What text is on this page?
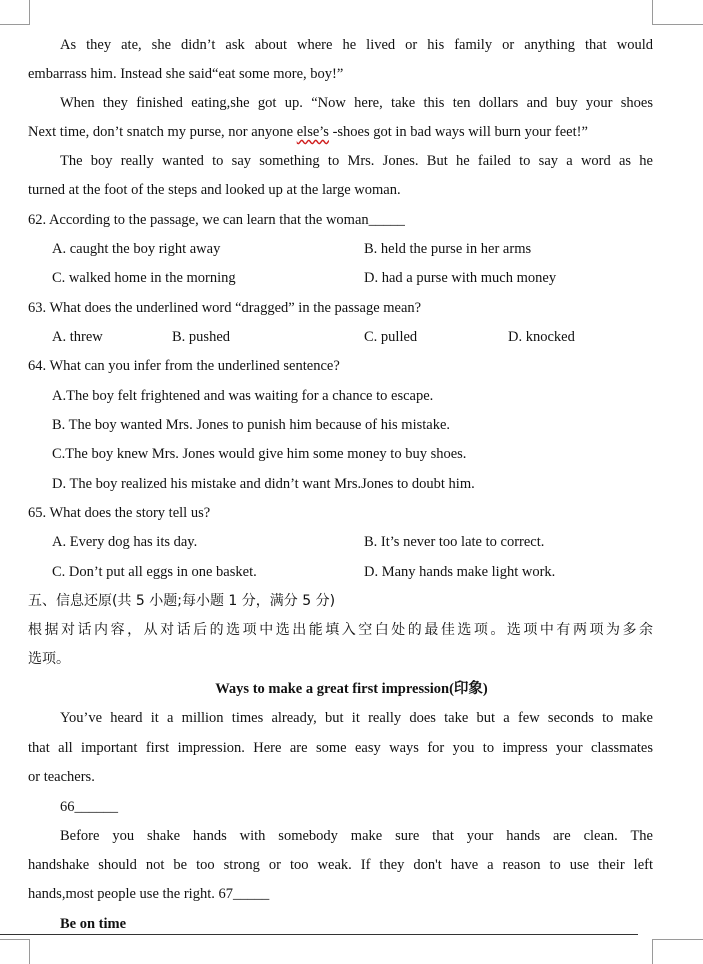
As they ate, she didn’t ask about where he lived or his family or anything that would
embarrass him. Instead she said“eat some more, boy!”
When they finished eating,she got up. “Now here, take this ten dollars and buy your shoes
Next time, don’t snatch my purse, nor anyone else’s -shoes got in bad ways will burn your feet!”
The boy really wanted to say something to Mrs. Jones. But he failed to say a word as he
turned at the foot of the steps and looked up at the large woman.
62. According to the passage, we can learn that the woman_____
A. caught the boy right away	B. held the purse in her arms
C. walked home in the morning	D. had a purse with much money
63. What does the underlined word “dragged” in the passage mean?
A. threw	B. pushed	C. pulled	D. knocked
64. What can you infer from the underlined sentence?
A.The boy felt frightened and was waiting for a chance to escape.
B. The boy wanted Mrs. Jones to punish him because of his mistake.
C.The boy knew Mrs. Jones would give him some money to buy shoes.
D. The boy realized his mistake and didn’t want Mrs.Jones to doubt him.
65. What does the story tell us?
A. Every dog has its day.	B. It’s never too late to correct.
C. Don’t put all eggs in one basket.	D. Many hands make light work.
五、信息还原(共 5 小题;每小题 1 分，满分 5 分)
根据对话内容，从对话后的选项中选出能填入空白处的最佳选项。选项中有两项为多余
选项。
Ways to make a great first impression(印象)
You’ve heard it a million times already, but it really does take but a few seconds to make
that all important first impression. Here are some easy ways for you to impress your classmates
or teachers.
66______
Before you shake hands with somebody make sure that your hands are clean. The
handshake should not be too strong or too weak. If they don't have a reason to use their left
hands,most people use the right. 67_____
Be on time
